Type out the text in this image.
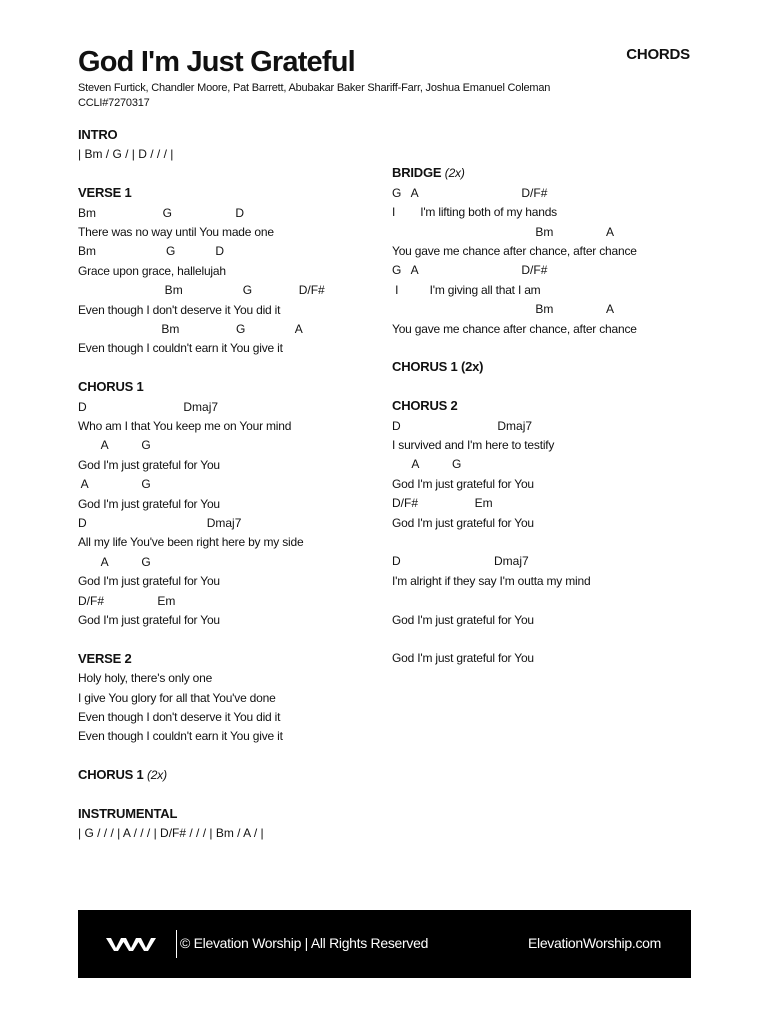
God I'm Just Grateful	CHORDS
Steven Furtick, Chandler Moore, Pat Barrett, Abubakar Baker Shariff-Farr, Joshua Emanuel Coleman
CCLI#7270317
INTRO
| Bm / G / | D / / / |
VERSE 1
Bm                    G                   D
There was no way until You made one
Bm                     G            D
Grace upon grace, hallelujah
Bm                  G              D/F#
Even though I don't deserve it You did it
Bm                 G               A
Even though I couldn't earn it You give it
CHORUS 1
D                             Dmaj7
Who am I that You keep me on Your mind
A          G
God I'm just grateful for You
A                G
God I'm just grateful for You
D                                    Dmaj7
All my life You've been right here by my side
A          G
God I'm just grateful for You
D/F#                Em
God I'm just grateful for You
VERSE 2
Holy holy, there's only one
I give You glory for all that You've done
Even though I don't deserve it You did it
Even though I couldn't earn it You give it
CHORUS 1 (2x)
INSTRUMENTAL
| G / / / | A / / / | D/F# / / / | Bm / A / |
BRIDGE (2x)
G   A                               D/F#
I        I'm lifting both of my hands
Bm                A
You gave me chance after chance, after chance
G   A                               D/F#
I          I'm giving all that I am
Bm                A
You gave me chance after chance, after chance
CHORUS 1 (2x)
CHORUS 2
D                             Dmaj7
I survived and I'm here to testify
A          G
God I'm just grateful for You
D/F#                 Em
God I'm just grateful for You
D                            Dmaj7
I'm alright if they say I'm outta my mind
God I'm just grateful for You
God I'm just grateful for You
© Elevation Worship | All Rights Reserved	ElevationWorship.com
